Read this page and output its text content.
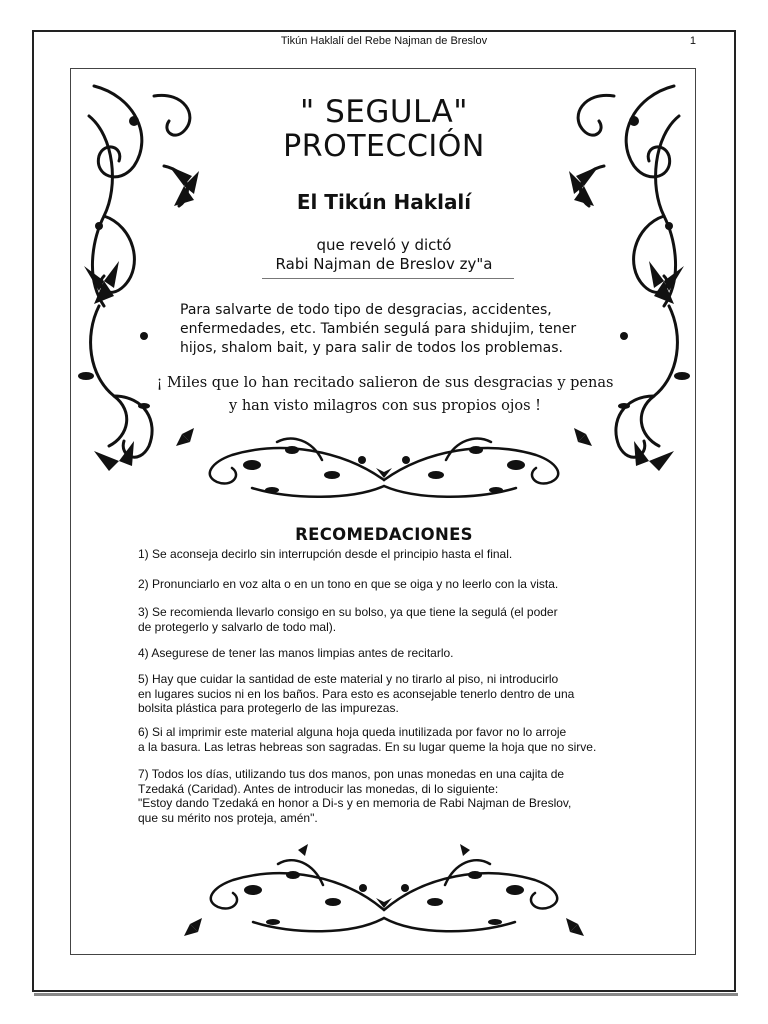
Tikún Haklalí del Rebe Najman de Breslov	1
" SEGULA"
PROTECCIÓN
El Tikún Haklalí
que reveló y dictó
Rabi Najman de Breslov zy"a
Para salvarte de todo tipo de desgracias, accidentes,
enfermedades, etc. También segulá para shidujim, tener
hijos, shalom bait, y para salir de todos los problemas.
¡ Miles que lo han recitado salieron de sus desgracias y penas
y han visto milagros con sus propios ojos !
RECOMEDACIONES
1) Se aconseja decirlo sin interrupción desde el principio hasta el final.
2) Pronunciarlo en voz alta o en un tono en que se oiga y no leerlo con la vista.
3) Se recomienda llevarlo consigo en su bolso, ya que tiene la segulá (el poder
de protegerlo y salvarlo de todo mal).
4) Asegurese de tener las manos limpias antes de recitarlo.
5) Hay que cuidar la santidad de este material y no tirarlo al piso, ni introducirlo
en lugares sucios ni en los baños. Para esto es aconsejable tenerlo dentro de una
bolsita plástica para protegerlo de las impurezas.
6) Si al imprimir este material alguna hoja queda inutilizada por favor no lo arroje
a la basura. Las letras hebreas son sagradas. En su lugar queme la hoja que no sirve.
7) Todos los días, utilizando tus dos manos, pon unas monedas en una cajita de
Tzedaká (Caridad). Antes de introducir las monedas, di lo siguiente:
"Estoy dando Tzedaká en honor a Di-s y en memoria de Rabi Najman de Breslov,
que su mérito nos proteja, amén".
